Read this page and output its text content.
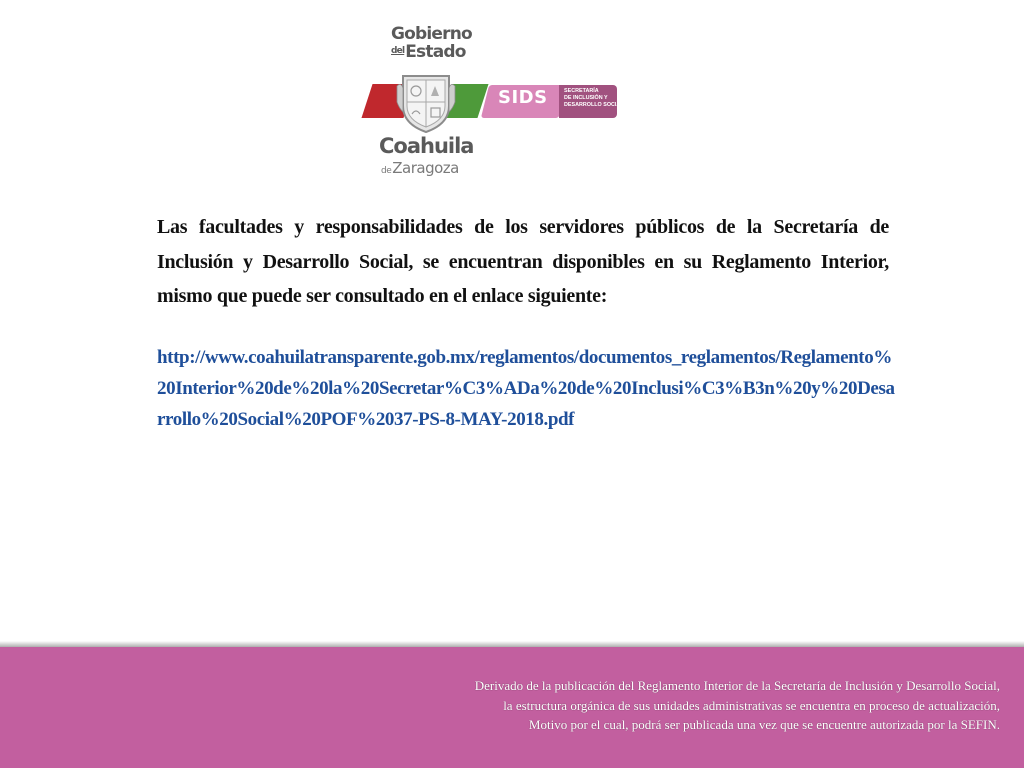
Gobierno
$^{del}$Estado
SIDS	SECRETARÍA
DE INCLUSIÓN Y
DESARROLLO SOCIAL
Coahuila
deZaragoza
Las facultades y responsabilidades de los servidores públicos de la Secretaría de Inclusión y Desarrollo Social, se encuentran disponibles en su Reglamento Interior, mismo que puede ser consultado en el enlace siguiente:
http://www.coahuilatransparente.gob.mx/reglamentos/documentos_reglamentos/Reglamento%20Interior%20de%20la%20Secretar%C3%ADa%20de%20Inclusi%C3%B3n%20y%20Desarrollo%20Social%20POF%2037-PS-8-MAY-2018.pdf
Derivado de la publicación del Reglamento Interior de la Secretaría de Inclusión y Desarrollo Social,
la estructura orgánica de sus unidades administrativas se encuentra en proceso de actualización,
Motivo por el cual, podrá ser publicada una vez que se encuentre autorizada por la SEFIN.
